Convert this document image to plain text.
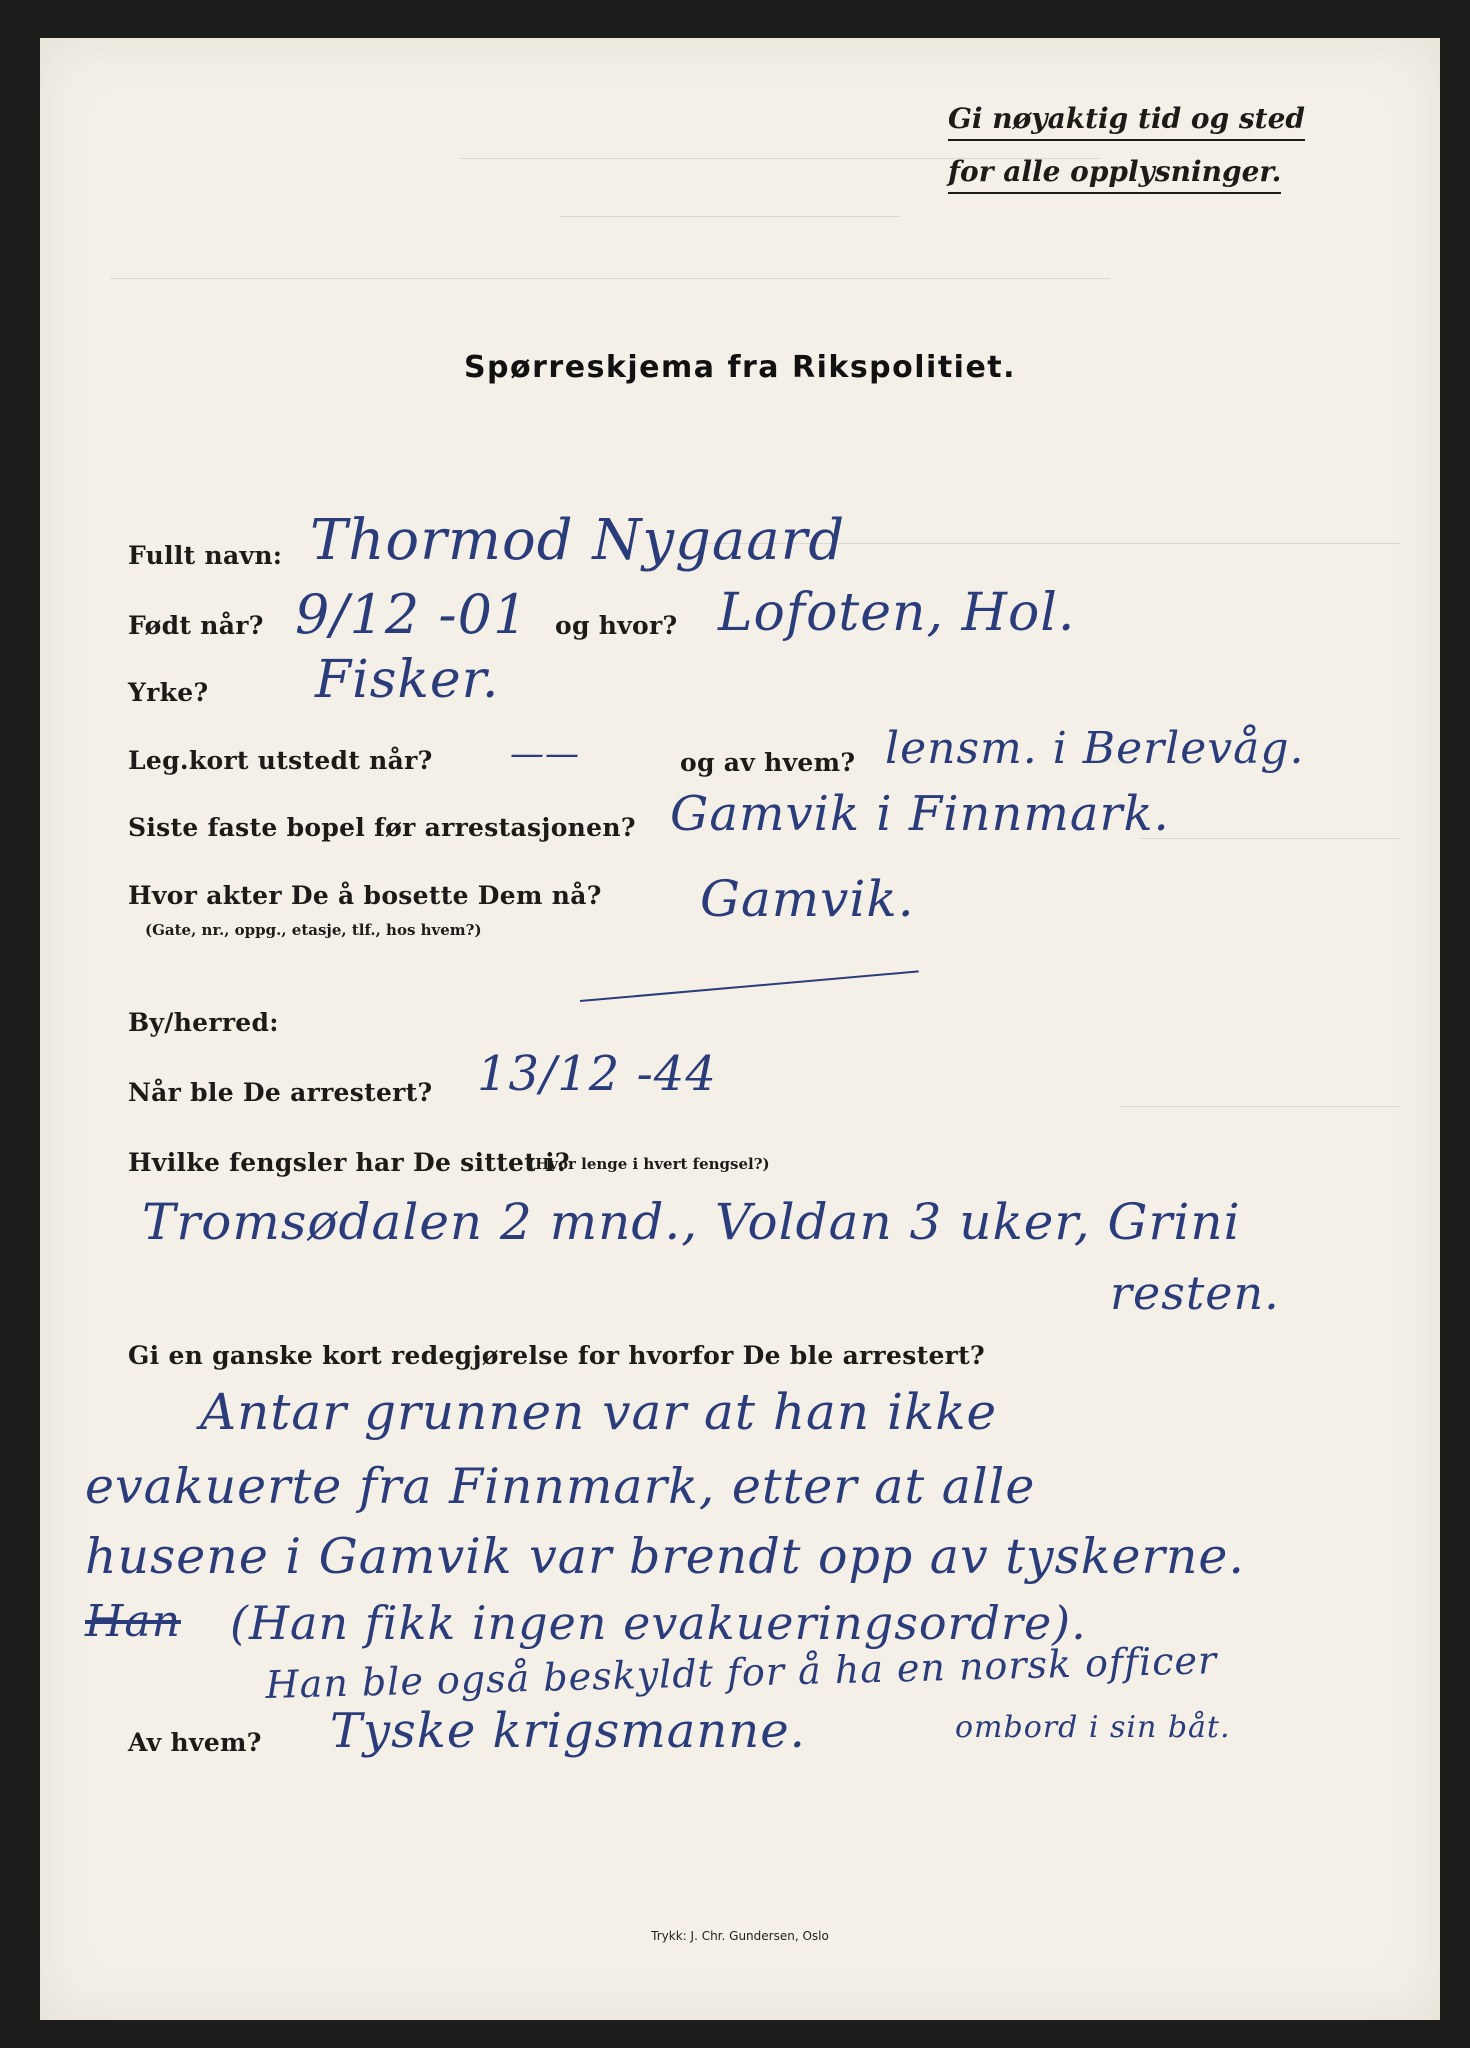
Gi nøyaktig tid og sted
for alle opplysninger.
Spørreskjema fra Rikspolitiet.
Fullt navn: Thormod Nygaard
Født når? 9/12 -01 og hvor? Lofoten, Hol.
Yrke? Fisker.
Leg.kort utstedt når? ——	og av hvem? lensm. i Berlevåg.
Siste faste bopel før arrestasjonen? Gamvik i Finnmark.
Hvor akter De å bosette Dem nå?
(Gate, nr., oppg., etasje, tlf., hos hvem?)
Gamvik.
By/herred:
Når ble De arrestert? 13/12 -44
Hvilke fengsler har De sittet i?
(Hvor lenge i hvert fengsel?)
Tromsødalen 2 mnd., Voldan 3 uker, Grini
resten.
Gi en ganske kort redegjørelse for hvorfor De ble arrestert?
Antar grunnen var at han ikke
evakuerte fra Finnmark, etter at alle
husene i Gamvik var brendt opp av tyskerne.
Han (Han fikk ingen evakueringsordre).
Han ble også beskyldt for å ha en norsk officer
Av hvem? Tyske krigsmanne.	ombord i sin båt.
Trykk: J. Chr. Gundersen, Oslo
